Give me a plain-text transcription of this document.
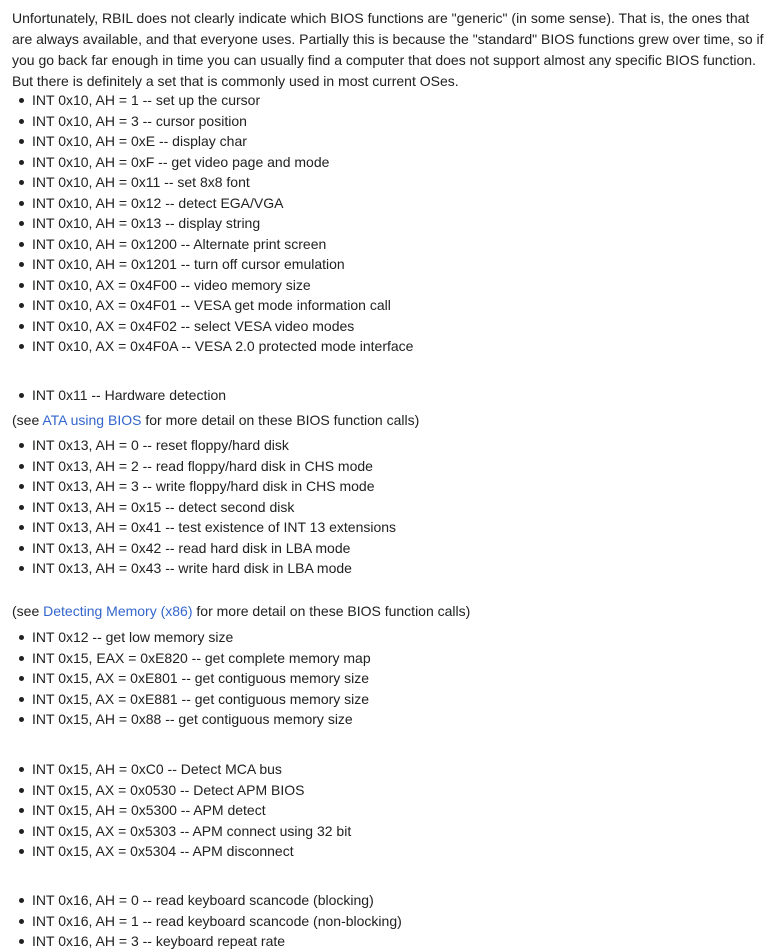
Unfortunately, RBIL does not clearly indicate which BIOS functions are "generic" (in some sense). That is, the ones that are always available, and that everyone uses. Partially this is because the "standard" BIOS functions grew over time, so if you go back far enough in time you can usually find a computer that does not support almost any specific BIOS function. But there is definitely a set that is commonly used in most current OSes.

INT 0x10, AH = 1 -- set up the cursor
INT 0x10, AH = 3 -- cursor position
INT 0x10, AH = 0xE -- display char
INT 0x10, AH = 0xF -- get video page and mode
INT 0x10, AH = 0x11 -- set 8x8 font
INT 0x10, AH = 0x12 -- detect EGA/VGA
INT 0x10, AH = 0x13 -- display string
INT 0x10, AH = 0x1200 -- Alternate print screen
INT 0x10, AH = 0x1201 -- turn off cursor emulation
INT 0x10, AX = 0x4F00 -- video memory size
INT 0x10, AX = 0x4F01 -- VESA get mode information call
INT 0x10, AX = 0x4F02 -- select VESA video modes
INT 0x10, AX = 0x4F0A -- VESA 2.0 protected mode interface
INT 0x11 -- Hardware detection

(see ATA using BIOS for more detail on these BIOS function calls)

INT 0x13, AH = 0 -- reset floppy/hard disk
INT 0x13, AH = 2 -- read floppy/hard disk in CHS mode
INT 0x13, AH = 3 -- write floppy/hard disk in CHS mode
INT 0x13, AH = 0x15 -- detect second disk
INT 0x13, AH = 0x41 -- test existence of INT 13 extensions
INT 0x13, AH = 0x42 -- read hard disk in LBA mode
INT 0x13, AH = 0x43 -- write hard disk in LBA mode

(see Detecting Memory (x86) for more detail on these BIOS function calls)

INT 0x12 -- get low memory size
INT 0x15, EAX = 0xE820 -- get complete memory map
INT 0x15, AX = 0xE801 -- get contiguous memory size
INT 0x15, AX = 0xE881 -- get contiguous memory size
INT 0x15, AH = 0x88 -- get contiguous memory size
INT 0x15, AH = 0xC0 -- Detect MCA bus
INT 0x15, AX = 0x0530 -- Detect APM BIOS
INT 0x15, AH = 0x5300 -- APM detect
INT 0x15, AX = 0x5303 -- APM connect using 32 bit
INT 0x15, AX = 0x5304 -- APM disconnect
INT 0x16, AH = 0 -- read keyboard scancode (blocking)
INT 0x16, AH = 1 -- read keyboard scancode (non-blocking)
INT 0x16, AH = 3 -- keyboard repeat rate
